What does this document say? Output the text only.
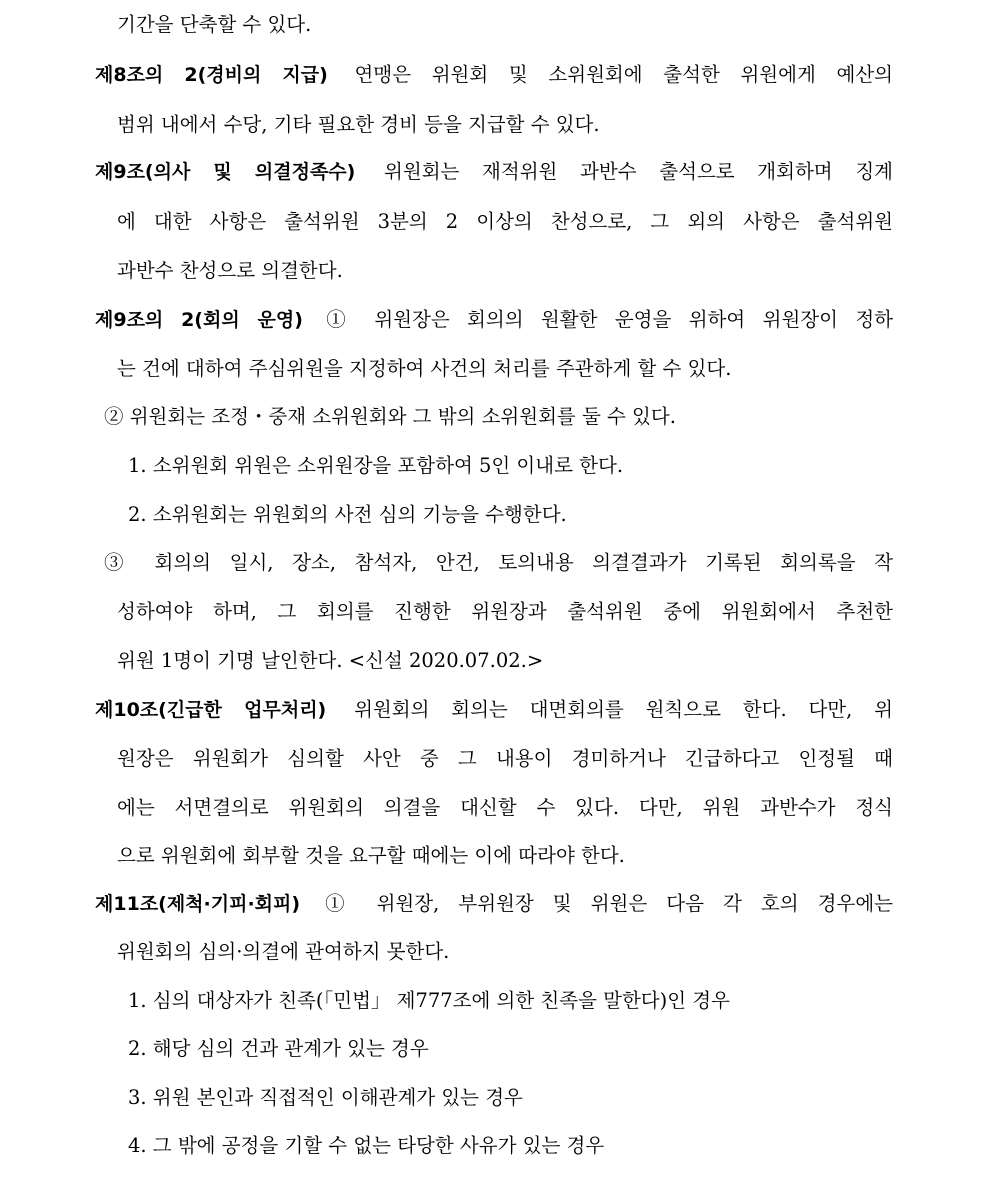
기간을 단축할 수 있다.
제8조의 2(경비의 지급) 연맹은 위원회 및 소위원회에 출석한 위원에게 예산의
범위 내에서 수당, 기타 필요한 경비 등을 지급할 수 있다.
제9조(의사 및 의결정족수) 위원회는 재적위원 과반수 출석으로 개회하며 징계
에 대한 사항은 출석위원 3분의 2 이상의 찬성으로, 그 외의 사항은 출석위원
과반수 찬성으로 의결한다.
제9조의 2(회의 운영) ① 위원장은 회의의 원활한 운영을 위하여 위원장이 정하
는 건에 대하여 주심위원을 지정하여 사건의 처리를 주관하게 할 수 있다.
② 위원회는 조정・중재 소위원회와 그 밖의 소위원회를 둘 수 있다.
1. 소위원회 위원은 소위원장을 포함하여 5인 이내로 한다.
2. 소위원회는 위원회의 사전 심의 기능을 수행한다.
③ 회의의 일시, 장소, 참석자, 안건, 토의내용 의결결과가 기록된 회의록을 작
성하여야 하며, 그 회의를 진행한 위원장과 출석위원 중에 위원회에서 추천한
위원 1명이 기명 날인한다. <신설 2020.07.02.>
제10조(긴급한 업무처리) 위원회의 회의는 대면회의를 원칙으로 한다. 다만, 위
원장은 위원회가 심의할 사안 중 그 내용이 경미하거나 긴급하다고 인정될 때
에는 서면결의로 위원회의 의결을 대신할 수 있다. 다만, 위원 과반수가 정식
으로 위원회에 회부할 것을 요구할 때에는 이에 따라야 한다.
제11조(제척·기피·회피) ① 위원장, 부위원장 및 위원은 다음 각 호의 경우에는
위원회의 심의·의결에 관여하지 못한다.
1. 심의 대상자가 친족(「민법」 제777조에 의한 친족을 말한다)인 경우
2. 해당 심의 건과 관계가 있는 경우
3. 위원 본인과 직접적인 이해관계가 있는 경우
4. 그 밖에 공정을 기할 수 없는 타당한 사유가 있는 경우
